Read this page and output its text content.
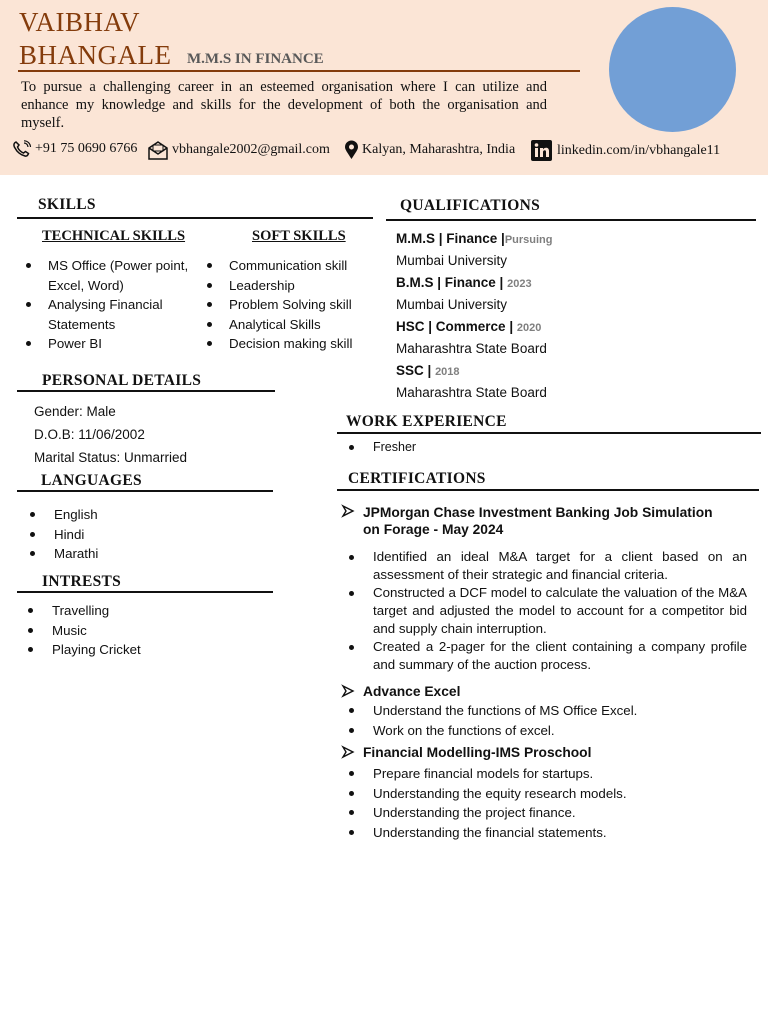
VAIBHAV
BHANGALE M.M.S IN FINANCE
To pursue a challenging career in an esteemed organisation where I can utilize and enhance my knowledge and skills for the development of both the organisation and myself.
+91 75 0690 6766 vbhangale2002@gmail.com Kalyan, Maharashtra, India	linkedin.com/in/vbhangale11
SKILLS
TECHNICAL SKILLS	SOFT SKILLS
MS Office (Power point, Excel, Word)
Analysing Financial Statements
Power BI
Communication skill
Leadership
Problem Solving skill
Analytical Skills
Decision making skill
QUALIFICATIONS
M.M.S | Finance |Pursuing
Mumbai University
B.M.S | Finance | 2023
Mumbai University
HSC | Commerce | 2020
Maharashtra State Board
SSC | 2018
Maharashtra State Board
PERSONAL DETAILS
Gender: Male
D.O.B: 11/06/2002
Marital Status: Unmarried
LANGUAGES
English
Hindi
Marathi
INTRESTS
Travelling
Music
Playing Cricket
WORK EXPERIENCE
Fresher
CERTIFICATIONS
JPMorgan Chase Investment Banking Job Simulation on Forage - May 2024
Identified an ideal M&A target for a client based on an assessment of their strategic and financial criteria.
Constructed a DCF model to calculate the valuation of the M&A target and adjusted the model to account for a competitor bid and supply chain interruption.
Created a 2-pager for the client containing a company profile and summary of the auction process.
Advance Excel
Understand the functions of MS Office Excel.
Work on the functions of excel.
Financial Modelling-IMS Proschool
Prepare financial models for startups.
Understanding the equity research models.
Understanding the project finance.
Understanding the financial statements.
